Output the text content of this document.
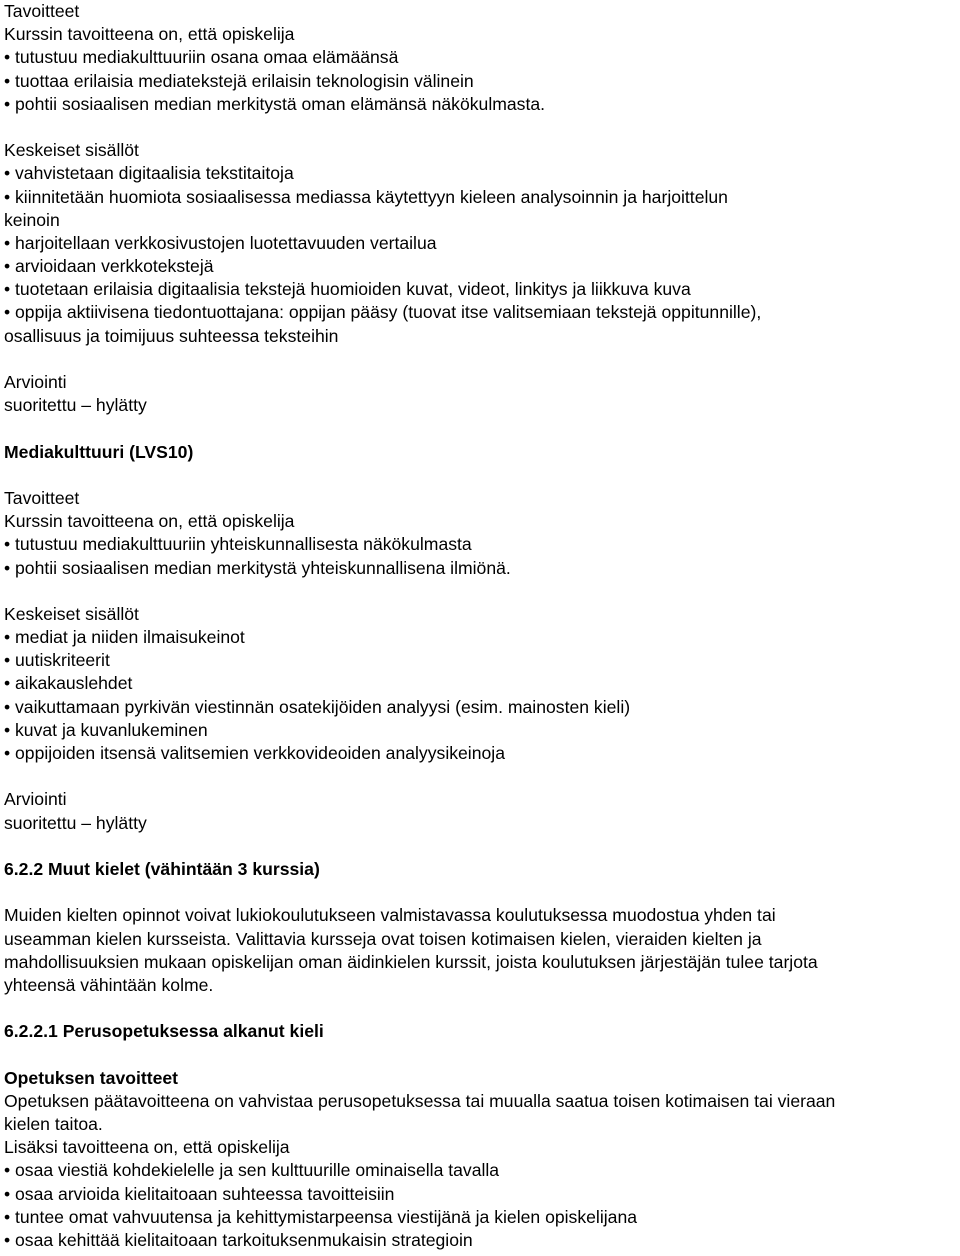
Tavoitteet
Kurssin tavoitteena on, että opiskelija
• tutustuu mediakulttuuriin osana omaa elämäänsä
• tuottaa erilaisia mediatekstejä erilaisin teknologisin välinein
• pohtii sosiaalisen median merkitystä oman elämänsä näkökulmasta.
Keskeiset sisällöt
• vahvistetaan digitaalisia tekstitaitoja
• kiinnitetään huomiota sosiaalisessa mediassa käytettyyn kieleen analysoinnin ja harjoittelun
keinoin
• harjoitellaan verkkosivustojen luotettavuuden vertailua
• arvioidaan verkkotekstejä
• tuotetaan erilaisia digitaalisia tekstejä huomioiden kuvat, videot, linkitys ja liikkuva kuva
• oppija aktiivisena tiedontuottajana: oppijan pääsy (tuovat itse valitsemiaan tekstejä oppitunnille),
osallisuus ja toimijuus suhteessa teksteihin
Arviointi
suoritettu – hylätty
Mediakulttuuri (LVS10)
Tavoitteet
Kurssin tavoitteena on, että opiskelija
• tutustuu mediakulttuuriin yhteiskunnallisesta näkökulmasta
• pohtii sosiaalisen median merkitystä yhteiskunnallisena ilmiönä.
Keskeiset sisällöt
• mediat ja niiden ilmaisukeinot
• uutiskriteerit
• aikakauslehdet
• vaikuttamaan pyrkivän viestinnän osatekijöiden analyysi (esim. mainosten kieli)
• kuvat ja kuvanlukeminen
• oppijoiden itsensä valitsemien verkkovideoiden analyysikeinoja
Arviointi
suoritettu – hylätty
6.2.2 Muut kielet (vähintään 3 kurssia)
Muiden kielten opinnot voivat lukiokoulutukseen valmistavassa koulutuksessa muodostua yhden tai
useamman kielen kursseista. Valittavia kursseja ovat toisen kotimaisen kielen, vieraiden kielten ja
mahdollisuuksien mukaan opiskelijan oman äidinkielen kurssit, joista koulutuksen järjestäjän tulee tarjota
yhteensä vähintään kolme.
6.2.2.1 Perusopetuksessa alkanut kieli
Opetuksen tavoitteet
Opetuksen päätavoitteena on vahvistaa perusopetuksessa tai muualla saatua toisen kotimaisen tai vieraan
kielen taitoa.
Lisäksi tavoitteena on, että opiskelija
• osaa viestiä kohdekielelle ja sen kulttuurille ominaisella tavalla
• osaa arvioida kielitaitoaan suhteessa tavoitteisiin
• tuntee omat vahvuutensa ja kehittymistarpeensa viestijänä ja kielen opiskelijana
• osaa kehittää kielitaitoaan tarkoituksenmukaisin strategioin
